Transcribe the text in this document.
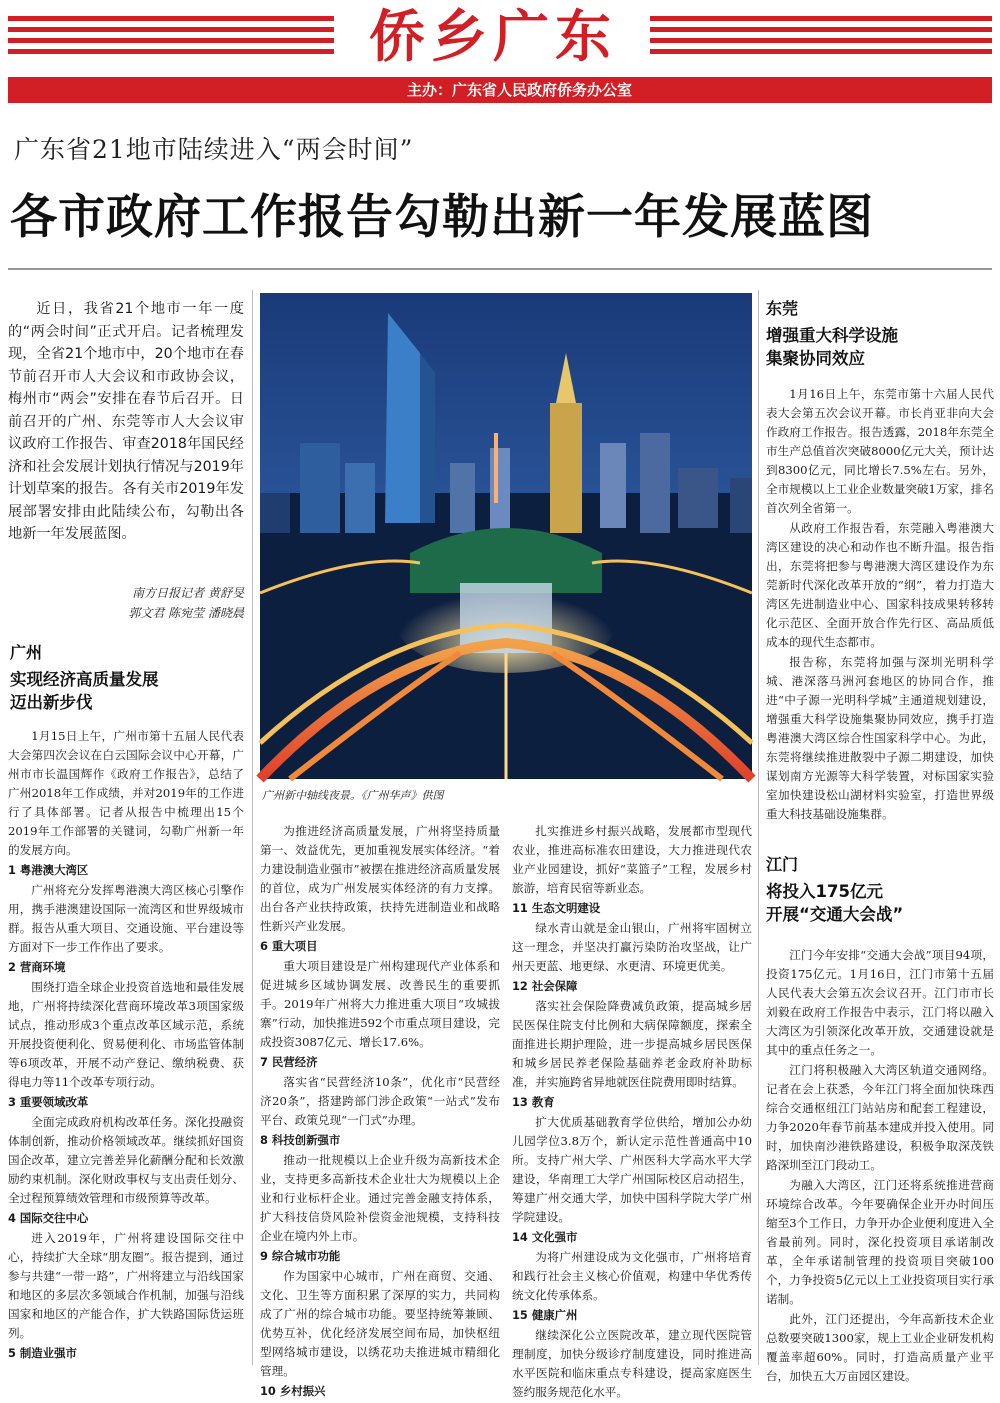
侨乡广东
主办：广东省人民政府侨务办公室
广东省21地市陆续进入“两会时间”
各市政府工作报告勾勒出新一年发展蓝图

近日，我省21个地市一年一度的“两会时间”正式开启。记者梳理发现，全省21个地市中，20个地市在春节前召开市人大会议和市政协会议，梅州市“两会”安排在春节后召开。日前召开的广州、东莞等市人大会议审议政府工作报告、审查2018年国民经济和社会发展计划执行情况与2019年计划草案的报告。各有关市2019年发展部署安排由此陆续公布，勾勒出各地新一年发展蓝图。

南方日报记者 黄舒旻
郭文君 陈宛莹 潘晓晨
广州
实现经济高质量发展
迈出新步伐
广州新中轴线夜景。《广州华声》供图

1月15日上午，广州市第十五届人民代表大会第四次会议在白云国际会议中心开幕，广州市市长温国辉作《政府工作报告》，总结了广州2018年工作成绩，并对2019年的工作进行了具体部署。记者从报告中梳理出15个2019年工作部署的关键词，勾勒广州新一年的发展方向。

1 粤港澳大湾区

广州将充分发挥粤港澳大湾区核心引擎作用，携手港澳建设国际一流湾区和世界级城市群。报告从重大项目、交通设施、平台建设等方面对下一步工作作出了要求。

2 营商环境

围绕打造全球企业投资首选地和最佳发展地，广州将持续深化营商环境改革3项国家级试点，推动形成3个重点改革区域示范，系统开展投资便利化、贸易便利化、市场监管体制等6项改革，开展不动产登记、缴纳税费、获得电力等11个改革专项行动。

3 重要领域改革

全面完成政府机构改革任务。深化投融资体制创新，推动价格领域改革。继续抓好国资国企改革，建立完善差异化薪酬分配和长效激励约束机制。深化财政事权与支出责任划分、全过程预算绩效管理和市级预算等改革。

4 国际交往中心

进入2019年，广州将建设国际交往中心，持续扩大全球“朋友圈”。报告提到，通过参与共建“一带一路”，广州将建立与沿线国家和地区的多层次多领域合作机制，加强与沿线国家和地区的产能合作，扩大铁路国际货运班列。

5 制造业强市

为推进经济高质量发展，广州将坚持质量第一、效益优先，更加重视发展实体经济。“着力建设制造业强市”被摆在推进经济高质量发展的首位，成为广州发展实体经济的有力支撑。出台各产业扶持政策，扶持先进制造业和战略性新兴产业发展。

6 重大项目

重大项目建设是广州构建现代产业体系和促进城乡区域协调发展、改善民生的重要抓手。2019年广州将大力推进重大项目“攻城拔寨”行动，加快推进592个市重点项目建设，完成投资3087亿元、增长17.6%。

7 民营经济

落实省“民营经济10条”，优化市“民营经济20条”，搭建跨部门涉企政策“一站式”发布平台、政策兑现“一门式”办理。

8 科技创新强市

推动一批规模以上企业升级为高新技术企业，支持更多高新技术企业壮大为规模以上企业和行业标杆企业。通过完善金融支持体系，扩大科技信贷风险补偿资金池规模，支持科技企业在境内外上市。

9 综合城市功能

作为国家中心城市，广州在商贸、交通、文化、卫生等方面积累了深厚的实力，共同构成了广州的综合城市功能。要坚持统筹兼顾、优势互补，优化经济发展空间布局，加快枢纽型网络城市建设，以绣花功夫推进城市精细化管理。

10 乡村振兴

扎实推进乡村振兴战略，发展都市型现代农业，推进高标准农田建设，大力推进现代农业产业园建设，抓好“菜篮子”工程，发展乡村旅游，培育民宿等新业态。

11 生态文明建设

绿水青山就是金山银山，广州将牢固树立这一理念，并坚决打赢污染防治攻坚战，让广州天更蓝、地更绿、水更清、环境更优美。

12 社会保障

落实社会保险降费减负政策，提高城乡居民医保住院支付比例和大病保障额度，探索全面推进长期护理险，进一步提高城乡居民医保和城乡居民养老保险基础养老金政府补助标准，并实施跨省异地就医住院费用即时结算。

13 教育

扩大优质基础教育学位供给，增加公办幼儿园学位3.8万个，新认定示范性普通高中10所。支持广州大学、广州医科大学高水平大学建设，华南理工大学广州国际校区启动招生，筹建广州交通大学，加快中国科学院大学广州学院建设。

14 文化强市

为将广州建设成为文化强市，广州将培育和践行社会主义核心价值观，构建中华优秀传统文化传承体系。

15 健康广州

继续深化公立医院改革，建立现代医院管理制度，加快分级诊疗制度建设，同时推进高水平医院和临床重点专科建设，提高家庭医生签约服务规范化水平。

东莞
增强重大科学设施
集聚协同效应

1月16日上午，东莞市第十六届人民代表大会第五次会议开幕。市长肖亚非向大会作政府工作报告。报告透露，2018年东莞全市生产总值首次突破8000亿元大关，预计达到8300亿元，同比增长7.5%左右。另外，全市规模以上工业企业数量突破1万家，排名首次列全省第一。

从政府工作报告看，东莞融入粤港澳大湾区建设的决心和动作也不断升温。报告指出，东莞将把参与粤港澳大湾区建设作为东莞新时代深化改革开放的“纲”，着力打造大湾区先进制造业中心、国家科技成果转移转化示范区、全面开放合作先行区、高品质低成本的现代生态都市。

报告称，东莞将加强与深圳光明科学城、港深落马洲河套地区的协同合作，推进“中子源一光明科学城”主通道规划建设，增强重大科学设施集聚协同效应，携手打造粤港澳大湾区综合性国家科学中心。为此，东莞将继续推进散裂中子源二期建设，加快谋划南方光源等大科学装置，对标国家实验室加快建设松山湖材料实验室，打造世界级重大科技基础设施集群。

江门
将投入175亿元
开展“交通大会战”

江门今年安排“交通大会战”项目94项，投资175亿元。1月16日，江门市第十五届人民代表大会第五次会议召开。江门市市长刘毅在政府工作报告中表示，江门将以融入大湾区为引领深化改革开放，交通建设就是其中的重点任务之一。

江门将积极融入大湾区轨道交通网络。记者在会上获悉，今年江门将全面加快珠西综合交通枢纽江门站站房和配套工程建设，力争2020年春节前基本建成并投入使用。同时，加快南沙港铁路建设，积极争取深茂铁路深圳至江门段动工。

为融入大湾区，江门还将系统推进营商环境综合改革。今年要确保企业开办时间压缩至3个工作日，力争开办企业便利度进入全省最前列。同时，深化投资项目承诺制改革，全年承诺制管理的投资项目突破100个，力争投资5亿元以上工业投资项目实行承诺制。

此外，江门还提出，今年高新技术企业总数要突破1300家，规上工业企业研发机构覆盖率超60%。同时，打造高质量产业平台，加快五大万亩园区建设。
